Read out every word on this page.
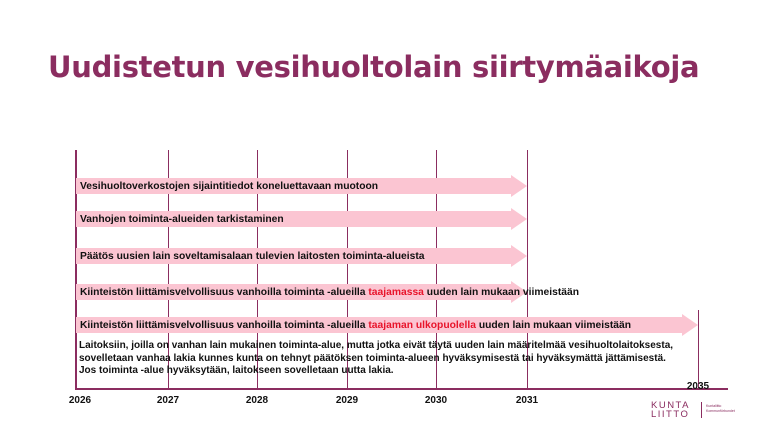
Uudistetun vesihuoltolain siirtymäaikoja
Vesihuoltoverkostojen sijaintitiedot koneluettavaan muotoon
Vanhojen toiminta-alueiden tarkistaminen
Päätös uusien lain soveltamisalaan tulevien laitosten toiminta-alueista
Kiinteistön liittämisvelvollisuus vanhoilla toiminta -alueilla taajamassa uuden lain mukaan viimeistään
Kiinteistön liittämisvelvollisuus vanhoilla toiminta -alueilla taajaman ulkopuolella uuden lain mukaan viimeistään
Laitoksiin, joilla on vanhan lain mukainen toiminta-alue, mutta jotka eivät täytä uuden lain määritelmää vesihuoltolaitoksesta, sovelletaan vanhaa lakia kunnes kunta on tehnyt päätöksen toiminta-alueen hyväksymisestä tai hyväksymättä jättämisestä. Jos toiminta -alue hyväksytään, laitokseen sovelletaan uutta lakia.
2026	2027	2028	2029	2030	2031
2035
KUNTA
LIITTO
Kuntaliitto
Kommunförbundet
